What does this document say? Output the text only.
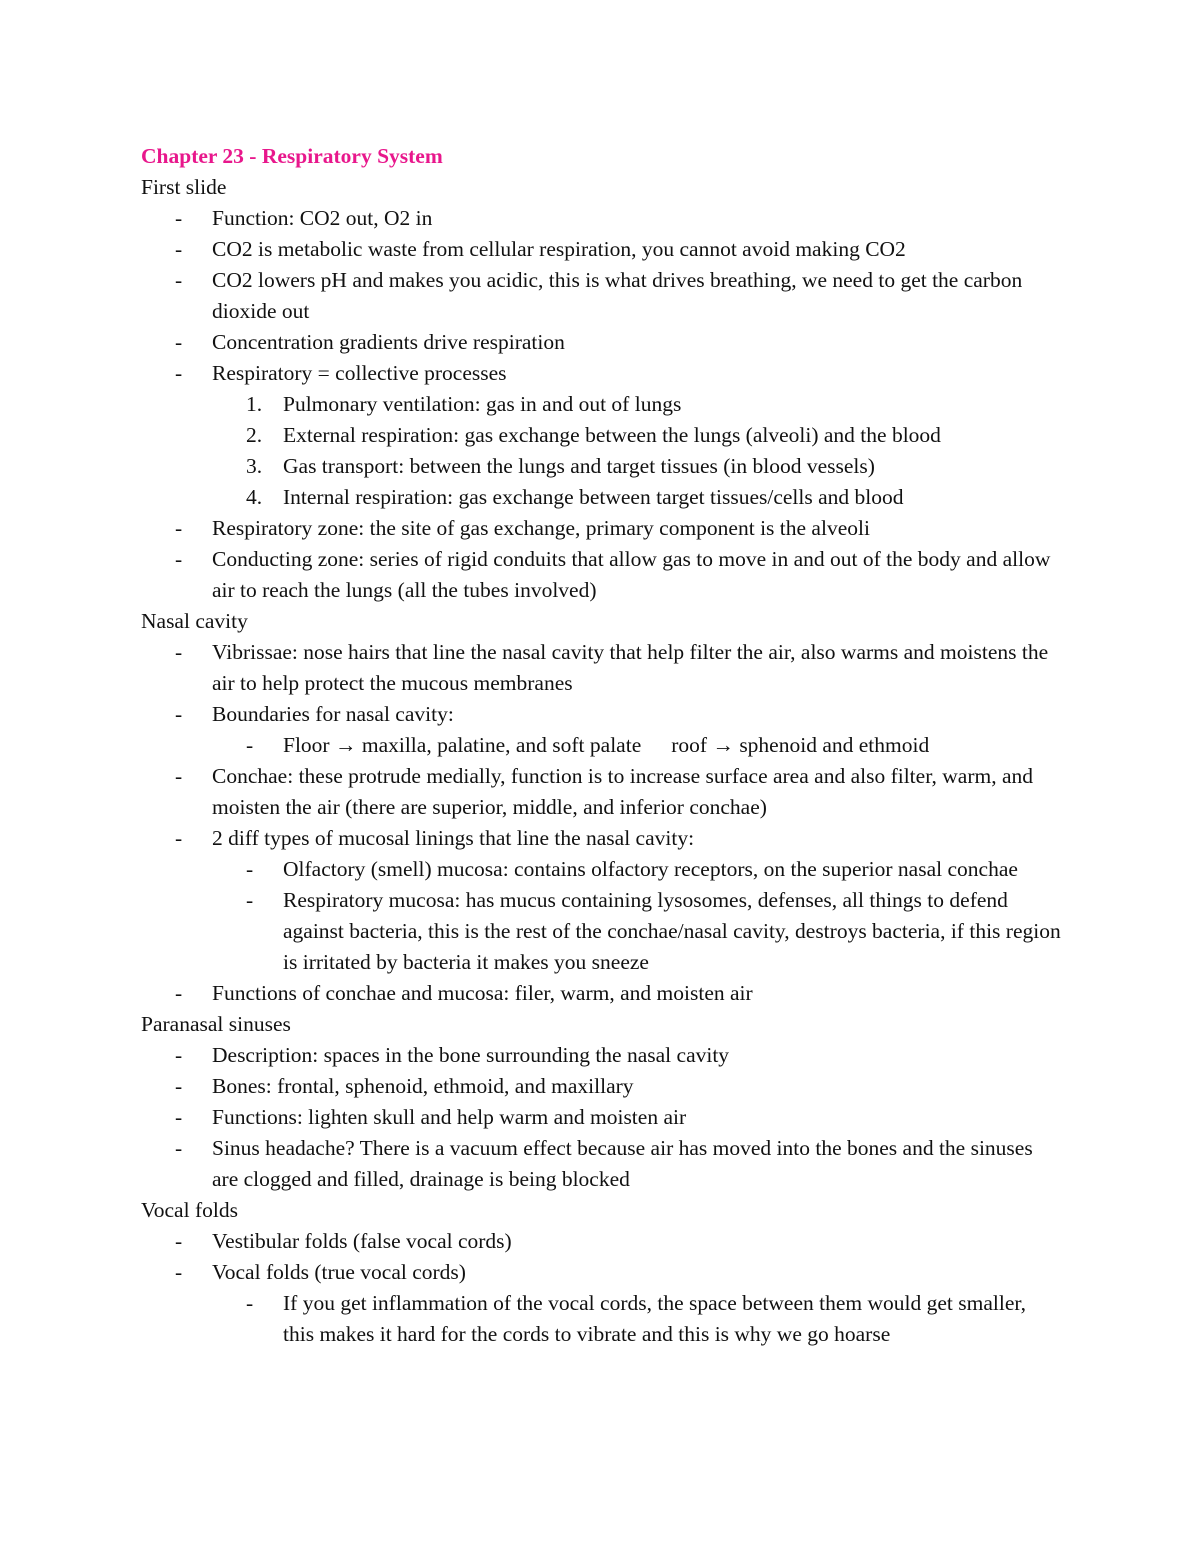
Chapter 23 - Respiratory System
First slide
-	Function: CO2 out, O2 in
-	CO2 is metabolic waste from cellular respiration, you cannot avoid making CO2
-	CO2 lowers pH and makes you acidic, this is what drives breathing, we need to get the carbon dioxide out
-	Concentration gradients drive respiration
-	Respiratory = collective processes
1. Pulmonary ventilation: gas in and out of lungs
2. External respiration: gas exchange between the lungs (alveoli) and the blood
3. Gas transport: between the lungs and target tissues (in blood vessels)
4. Internal respiration: gas exchange between target tissues/cells and blood
-	Respiratory zone: the site of gas exchange, primary component is the alveoli
-	Conducting zone: series of rigid conduits that allow gas to move in and out of the body and allow air to reach the lungs (all the tubes involved)
Nasal cavity
-	Vibrissae: nose hairs that line the nasal cavity that help filter the air, also warms and moistens the air to help protect the mucous membranes
-	Boundaries for nasal cavity:
-	Floor → maxilla, palatine, and soft palate roof → sphenoid and ethmoid
-	Conchae: these protrude medially, function is to increase surface area and also filter, warm, and moisten the air (there are superior, middle, and inferior conchae)
-	2 diff types of mucosal linings that line the nasal cavity:
-	Olfactory (smell) mucosa: contains olfactory receptors, on the superior nasal conchae
-	Respiratory mucosa: has mucus containing lysosomes, defenses, all things to defend against bacteria, this is the rest of the conchae/nasal cavity, destroys bacteria, if this region is irritated by bacteria it makes you sneeze
-	Functions of conchae and mucosa: filer, warm, and moisten air
Paranasal sinuses
-	Description: spaces in the bone surrounding the nasal cavity
-	Bones: frontal, sphenoid, ethmoid, and maxillary
-	Functions: lighten skull and help warm and moisten air
-	Sinus headache? There is a vacuum effect because air has moved into the bones and the sinuses are clogged and filled, drainage is being blocked
Vocal folds
-	Vestibular folds (false vocal cords)
-	Vocal folds (true vocal cords)
-	If you get inflammation of the vocal cords, the space between them would get smaller, this makes it hard for the cords to vibrate and this is why we go hoarse
